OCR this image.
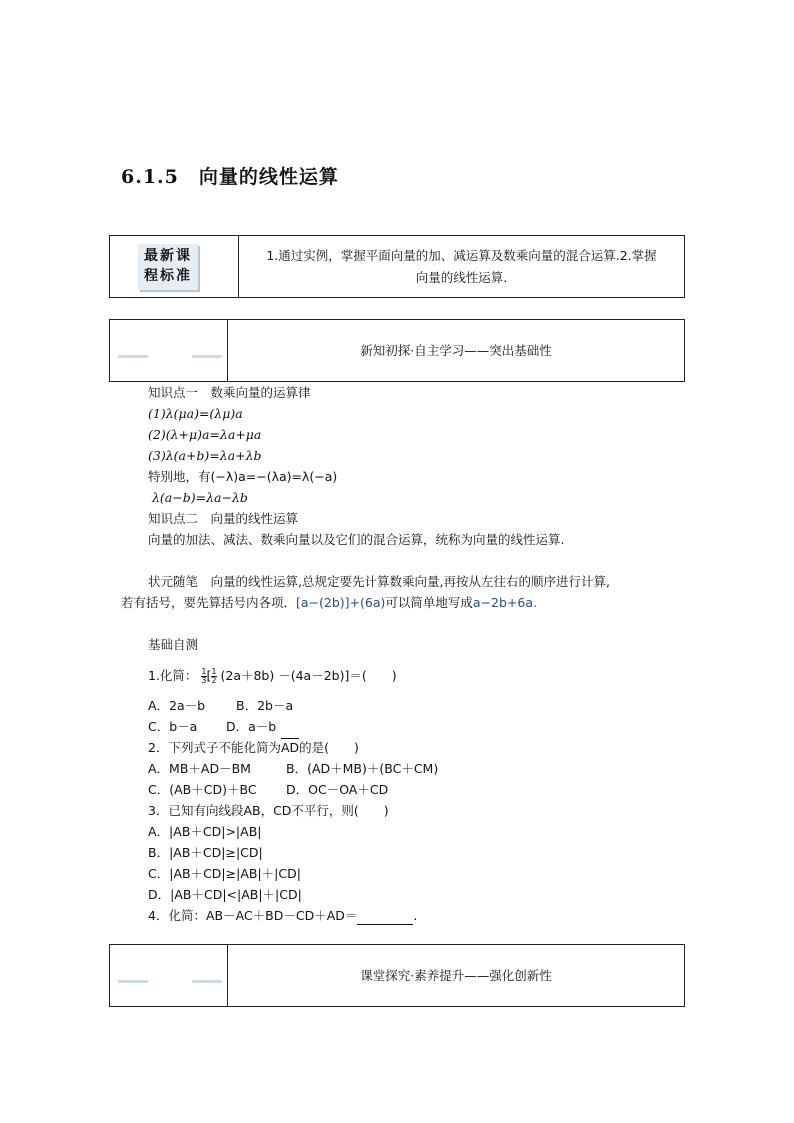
6.1.5　向量的线性运算
最新课
程标准
1.通过实例，掌握平面向量的加、减运算及数乘向量的混合运算.2.掌握
向量的线性运算.
新知初探·自主学习——突出基础性
知识点一　数乘向量的运算律
(1)λ(μa)=(λμ)a
(2)(λ+μ)a=λa+μa
(3)λ(a+b)=λa+λb
特别地，有(−λ)a=−(λa)=λ(−a)
λ(a−b)=λa−λb
知识点二　向量的线性运算
向量的加法、减法、数乘向量以及它们的混合运算，统称为向量的线性运算.
状元随笔　向量的线性运算,总规定要先计算数乘向量,再按从左往右的顺序进行计算,
若有括号，要先算括号内各项．[a−(2b)]+(6a)可以简单地写成a−2b+6a.
基础自测
1.化简： $\frac{1}{3}$ [ $\frac{1}{2} (2a+8b) -(4a-2b)]=$(　　)
A．2a－b B．2b－a
C．b－a D．a－b
2．下列式子不能化简为AD的是(　　)
A．MB＋AD－BM	B．(AD＋MB)＋(BC＋CM)
C．(AB＋CD)＋BC D．OC－OA＋CD
3．已知有向线段AB，CD不平行，则(　　)
A．|AB＋CD|>|AB|
B．|AB＋CD|≥|CD|
C．|AB＋CD|≥|AB|＋|CD|
D．|AB＋CD|<|AB|＋|CD|
4．化简：AB－AC＋BD－CD＋AD＝	.
课堂探究·素养提升——强化创新性
